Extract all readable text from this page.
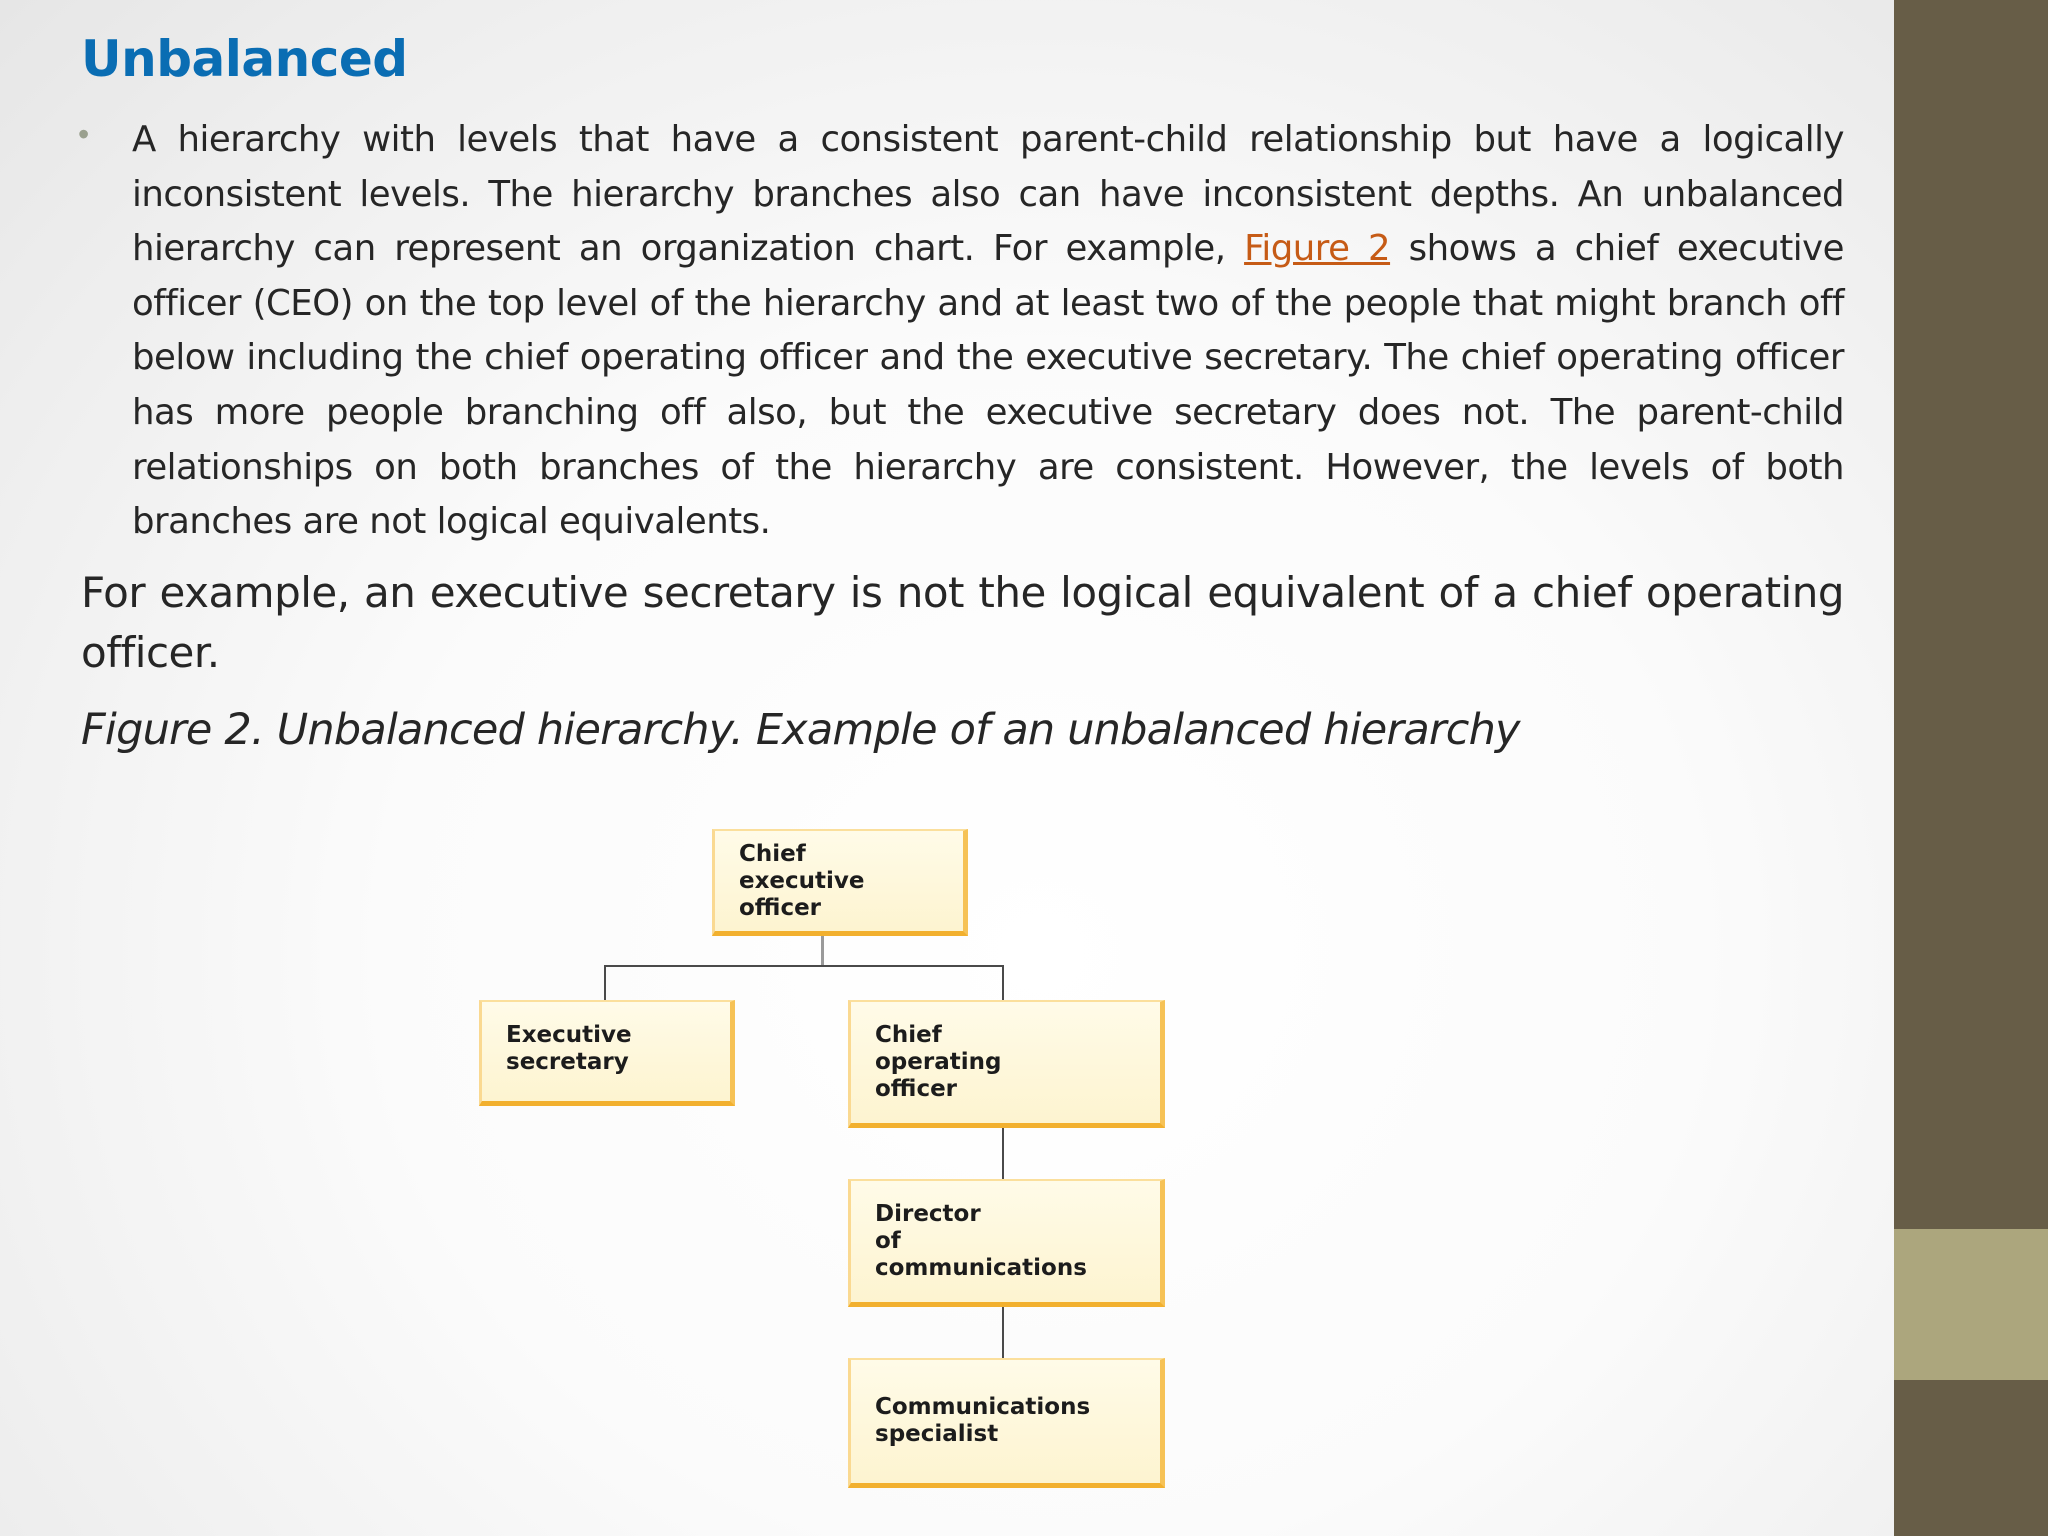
Unbalanced
• A hierarchy with levels that have a consistent parent-child relationship but have a logically inconsistent levels. The hierarchy branches also can have inconsistent depths. An unbalanced hierarchy can represent an organization chart. For example, Figure 2 shows a chief executive officer (CEO) on the top level of the hierarchy and at least two of the people that might branch off below including the chief operating officer and the executive secretary. The chief operating officer has more people branching off also, but the executive secretary does not. The parent-child relationships on both branches of the hierarchy are consistent. However, the levels of both branches are not logical equivalents.

For example, an executive secretary is not the logical equivalent of a chief operating officer.

Figure 2. Unbalanced hierarchy. Example of an unbalanced hierarchy

Chief
executive
officer
Executive
secretary
Chief
operating
officer
Director
of
communications
Communications
specialist
